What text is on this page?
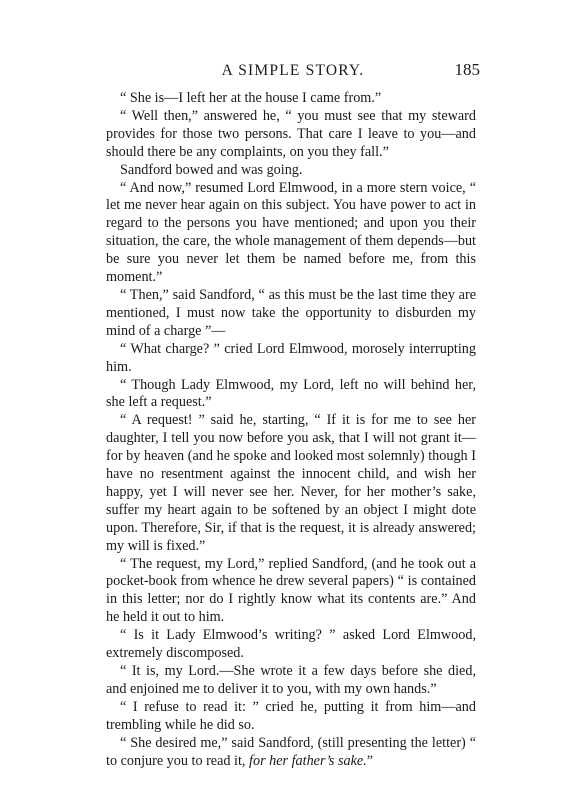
A SIMPLE STORY.	185

“ She is—I left her at the house I came from.”

“ Well then,” answered he, “ you must see that my steward provides for those two persons. That care I leave to you—and should there be any complaints, on you they fall.”

Sandford bowed and was going.

“ And now,” resumed Lord Elmwood, in a more stern voice, “ let me never hear again on this subject. You have power to act in regard to the persons you have mentioned; and upon you their situation, the care, the whole management of them depends—but be sure you never let them be named before me, from this moment.”

“ Then,” said Sandford, “ as this must be the last time they are mentioned, I must now take the opportunity to disburden my mind of a charge ”—

“ What charge? ” cried Lord Elmwood, morosely interrupting him.

“ Though Lady Elmwood, my Lord, left no will behind her, she left a request.”

“ A request! ” said he, starting, “ If it is for me to see her daughter, I tell you now before you ask, that I will not grant it—for by heaven (and he spoke and looked most solemnly) though I have no resentment against the innocent child, and wish her happy, yet I will never see her. Never, for her mother’s sake, suffer my heart again to be softened by an object I might dote upon. Therefore, Sir, if that is the request, it is already answered; my will is fixed.”

“ The request, my Lord,” replied Sandford, (and he took out a pocket-book from whence he drew several papers) “ is contained in this letter; nor do I rightly know what its contents are.” And he held it out to him.

“ Is it Lady Elmwood’s writing? ” asked Lord Elmwood, extremely discomposed.

“ It is, my Lord.—She wrote it a few days before she died, and enjoined me to deliver it to you, with my own hands.”

“ I refuse to read it: ” cried he, putting it from him—and trembling while he did so.

“ She desired me,” said Sandford, (still presenting the letter) “ to conjure you to read it, for her father’s sake.”
